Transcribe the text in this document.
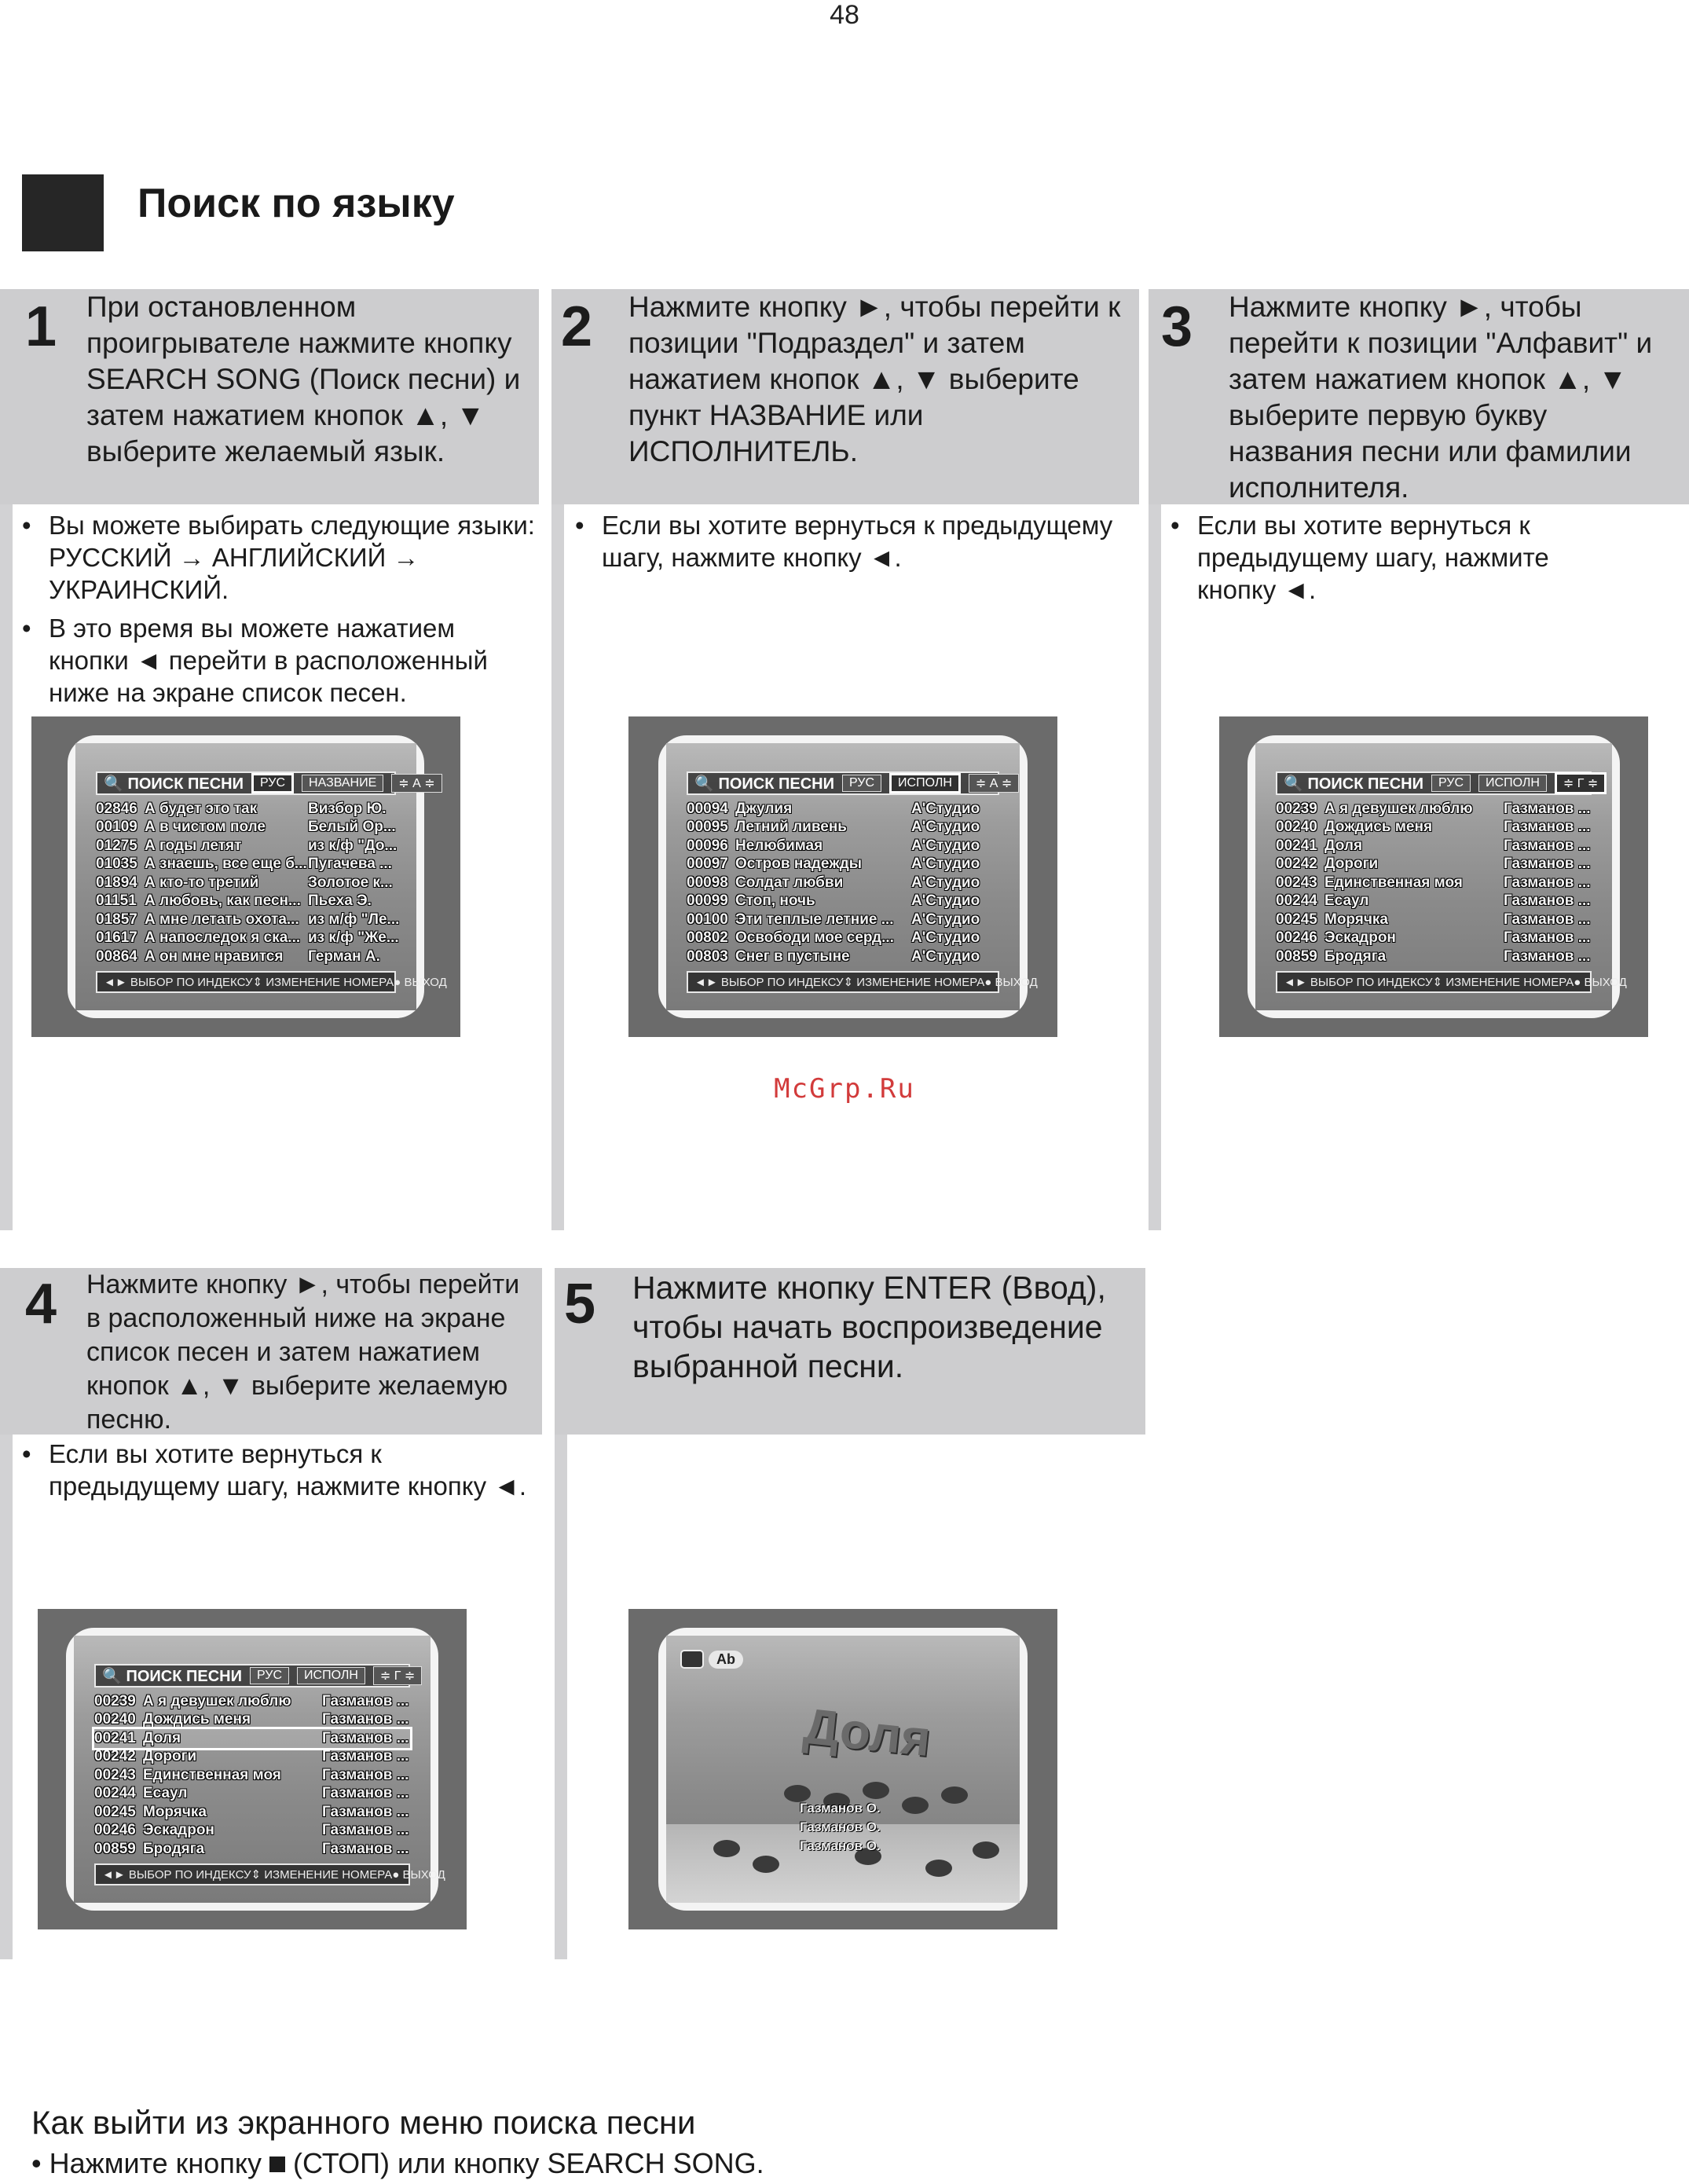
48
Поиск по языку
1 При остановленном проигрывателе нажмите кнопку SEARCH SONG (Поиск песни) и затем нажатием кнопок ▲, ▼ выберите желаемый язык.
• Вы можете выбирать следующие языки: РУССКИЙ → АНГЛИЙСКИЙ → УКРАИНСКИЙ.
• В это время вы можете нажатием кнопки ◄ перейти в расположенный ниже на экране список песен.
2 Нажмите кнопку ►, чтобы перейти к позиции "Подраздел" и затем нажатием кнопок ▲, ▼ выберите пункт НАЗВАНИЕ или ИСПОЛНИТЕЛЬ.
• Если вы хотите вернуться к предыдущему шагу, нажмите кнопку ◄.
3 Нажмите кнопку ►, чтобы перейти к позиции "Алфавит" и затем нажатием кнопок ▲, ▼ выберите первую букву названия песни или фамилии исполнителя.
• Если вы хотите вернуться к предыдущему шагу, нажмите кнопку ◄.
4 Нажмите кнопку ►, чтобы перейти в расположенный ниже на экране список песен и затем нажатием кнопок ▲, ▼ выберите желаемую песню.
• Если вы хотите вернуться к предыдущему шагу, нажмите кнопку ◄.
5 Нажмите кнопку ENTER (Ввод), чтобы начать воспроизведение выбранной песни.
🔍 ПОИСК ПЕСНИ	РУС	НАЗВАНИЕ	≑ А ≑
02846 А будет это так	Визбор Ю.
00109 А в чистом поле	Белый Ор...
01275 А годы летят	из к/ф "До...
01035 А знаешь, все еще б... Пугачева ...
01894 А кто-то третий	Золотое к...
01151 А любовь, как песн... Пьеха Э.
01857 А мне летать охота... из м/ф "Ле...
01617 А напоследок я ска... из к/ф "Же...
00864 А он мне нравится	Герман А.
◄► ВЫБОР ПО ИНДЕКСУ ⇕ ИЗМЕНЕНИЕ НОМЕРА ● ВЫХОД
🔍 ПОИСК ПЕСНИ	РУС	ИСПОЛН	≑ А ≑
00094 Джулия	А'Студио
00095 Летний ливень	А'Студио
00096 Нелюбимая	А'Студио
00097 Остров надежды	А'Студио
00098 Солдат любви	А'Студио
00099 Стоп, ночь	А'Студио
00100 Эти теплые летние ...	А'Студио
00802 Освободи мое серд...	А'Студио
00803 Снег в пустыне	А'Студио
◄► ВЫБОР ПО ИНДЕКСУ ⇕ ИЗМЕНЕНИЕ НОМЕРА ● ВЫХОД
🔍 ПОИСК ПЕСНИ	РУС	ИСПОЛН	≑ Г ≑
00239 А я девушек люблю	Газманов ...
00240 Дождись меня	Газманов ...
00241 Доля	Газманов ...
00242 Дороги	Газманов ...
00243 Единственная моя	Газманов ...
00244 Есаул	Газманов ...
00245 Морячка	Газманов ...
00246 Эскадрон	Газманов ...
00859 Бродяга	Газманов ...
◄► ВЫБОР ПО ИНДЕКСУ ⇕ ИЗМЕНЕНИЕ НОМЕРА ● ВЫХОД
🔍 ПОИСК ПЕСНИ	РУС	ИСПОЛН	≑ Г ≑
00239 А я девушек люблю	Газманов ...
00240 Дождись меня	Газманов ...
00241 Доля	Газманов ...
00242 Дороги	Газманов ...
00243 Единственная моя	Газманов ...
00244 Есаул	Газманов ...
00245 Морячка	Газманов ...
00246 Эскадрон	Газманов ...
00859 Бродяга	Газманов ...
◄► ВЫБОР ПО ИНДЕКСУ ⇕ ИЗМЕНЕНИЕ НОМЕРА ● ВЫХОД
Ab
Доля
Газманов О.
Газманов О.
Газманов О.
McGrp.Ru
Как выйти из экранного меню поиска песни
• Нажмите кнопку  (СТОП) или кнопку SEARCH SONG.
